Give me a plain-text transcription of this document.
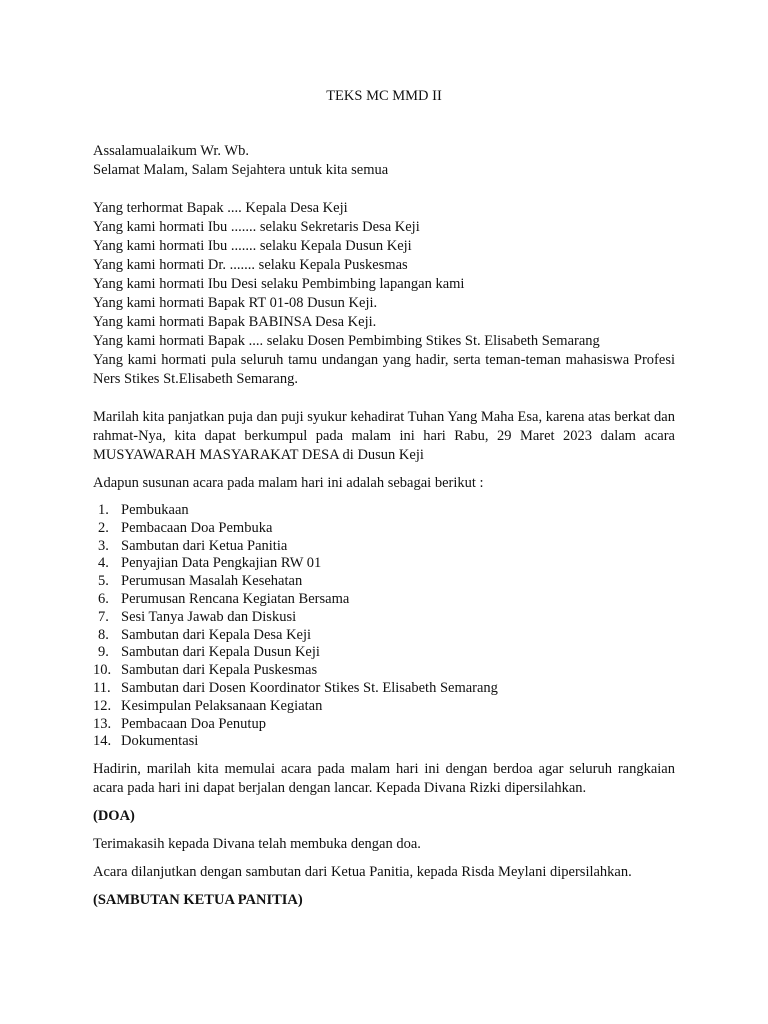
TEKS MC MMD II

Assalamualaikum Wr. Wb.

Selamat Malam, Salam Sejahtera untuk kita semua

Yang terhormat Bapak .... Kepala Desa Keji

Yang kami hormati Ibu ....... selaku Sekretaris Desa Keji

Yang kami hormati Ibu ....... selaku Kepala Dusun Keji

Yang kami hormati Dr. ....... selaku Kepala Puskesmas

Yang kami hormati Ibu Desi selaku Pembimbing lapangan kami

Yang kami hormati Bapak RT 01-08 Dusun Keji.

Yang kami hormati Bapak BABINSA Desa Keji.

Yang kami hormati Bapak .... selaku Dosen Pembimbing Stikes St. Elisabeth Semarang

Yang kami hormati pula seluruh tamu undangan yang hadir, serta teman-teman mahasiswa Profesi Ners Stikes St.Elisabeth Semarang.

Marilah kita panjatkan puja dan puji syukur kehadirat Tuhan Yang Maha Esa, karena atas berkat dan rahmat-Nya, kita dapat berkumpul pada malam ini hari Rabu, 29 Maret 2023 dalam acara MUSYAWARAH MASYARAKAT DESA di Dusun Keji

Adapun susunan acara pada malam hari ini adalah sebagai berikut :

1. Pembukaan
2. Pembacaan Doa Pembuka
3. Sambutan dari Ketua Panitia
4. Penyajian Data Pengkajian RW 01
5. Perumusan Masalah Kesehatan
6. Perumusan Rencana Kegiatan Bersama
7. Sesi Tanya Jawab dan Diskusi
8. Sambutan dari Kepala Desa Keji
9. Sambutan dari Kepala Dusun Keji
10. Sambutan dari Kepala Puskesmas
11. Sambutan dari Dosen Koordinator Stikes St. Elisabeth Semarang
12. Kesimpulan Pelaksanaan Kegiatan
13. Pembacaan Doa Penutup
14. Dokumentasi

Hadirin, marilah kita memulai acara pada malam hari ini dengan berdoa agar seluruh rangkaian acara pada hari ini dapat berjalan dengan lancar. Kepada Divana Rizki dipersilahkan.

(DOA)

Terimakasih kepada Divana telah membuka dengan doa.

Acara dilanjutkan dengan sambutan dari Ketua Panitia, kepada Risda Meylani dipersilahkan.

(SAMBUTAN KETUA PANITIA)
